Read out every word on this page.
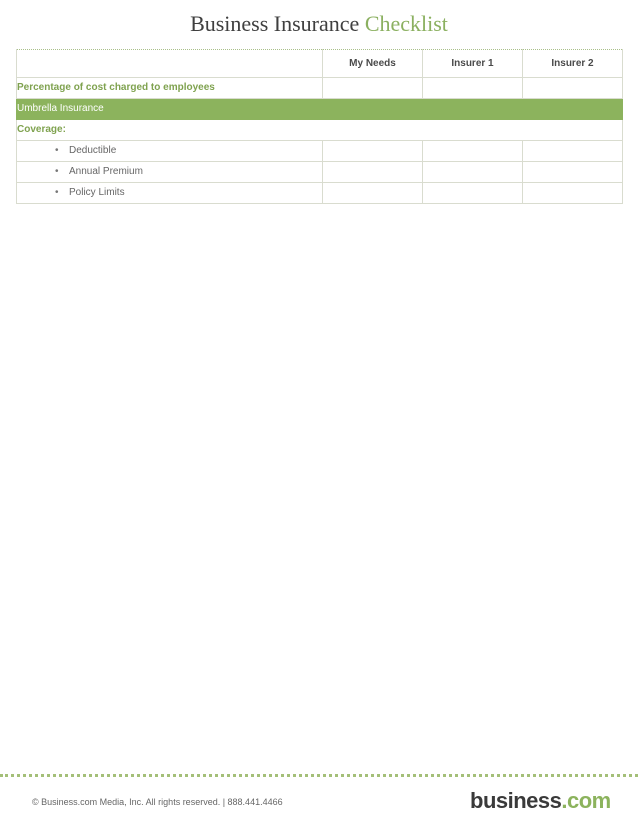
Business Insurance Checklist
	My Needs	Insurer 1	Insurer 2
Percentage of cost charged to employees			
Umbrella Insurance			
Coverage:			
• Deductible			
• Annual Premium			
• Policy Limits			
© Business.com Media, Inc. All rights reserved. | 888.441.4466	business.com
